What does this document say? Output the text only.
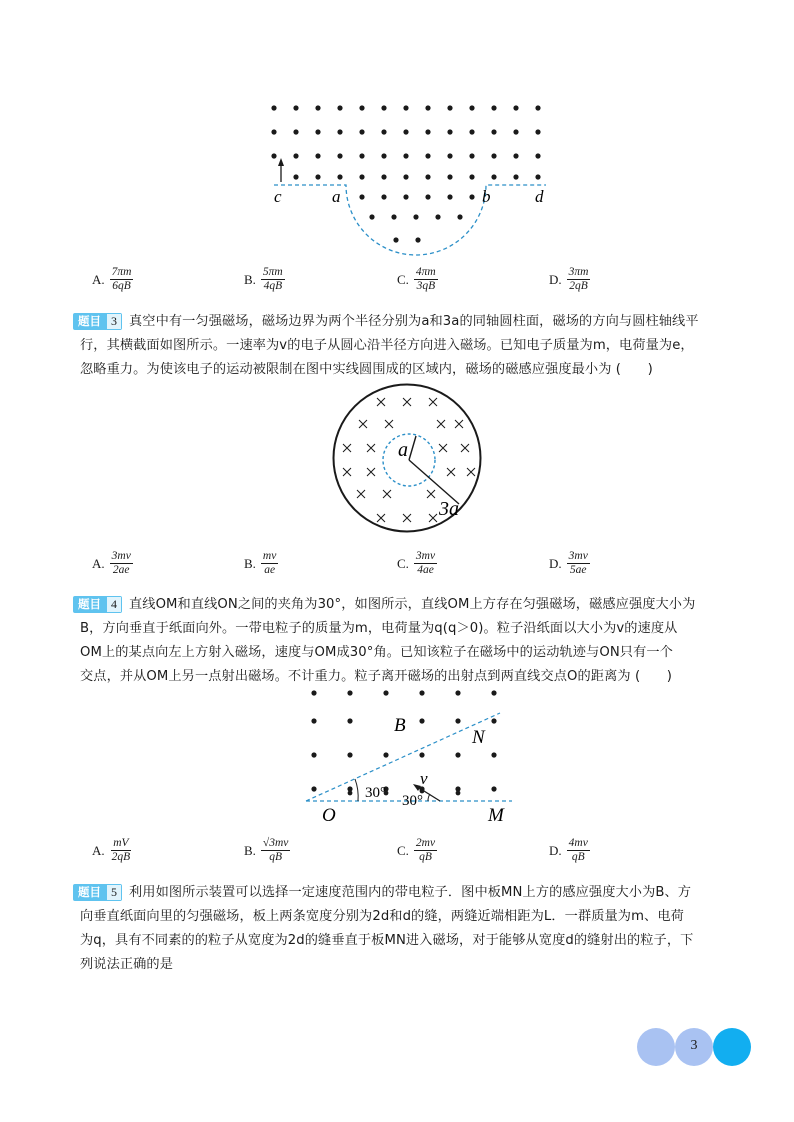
c	a	b	d
A. $\frac{7\pi m}{6qB}$	B. $\frac{5\pi m}{4qB}$	C. $\frac{4\pi m}{3qB}$	D. $\frac{3\pi m}{2qB}$
题目 3 真空中有一匀强磁场，磁场边界为两个半径分别为a和3a的同轴圆柱面，磁场的方向与圆柱轴线平
行，其横截面如图所示。一速率为v的电子从圆心沿半径方向进入磁场。已知电子质量为m，电荷量为e，
忽略重力。为使该电子的运动被限制在图中实线圆围成的区域内，磁场的磁感应强度最小为 (　　)
a
3a
A. $\frac{3mv}{2ae}$	B. $\frac{mv}{ae}$	C. $\frac{3mv}{4ae}$	D. $\frac{3mv}{5ae}$
题目 4 直线OM和直线ON之间的夹角为30°，如图所示，直线OM上方存在匀强磁场，磁感应强度大小为
B，方向垂直于纸面向外。一带电粒子的质量为m，电荷量为q(q＞0)。粒子沿纸面以大小为v的速度从
OM上的某点向左上方射入磁场，速度与OM成30°角。已知该粒子在磁场中的运动轨迹与ON只有一个
交点，并从OM上另一点射出磁场。不计重力。粒子离开磁场的出射点到两直线交点O的距离为 (　　)
B
N
v
30° 30°
O	M
A. $\frac{mV}{2qB}$	B. $\frac{√3mv}{qB}$	C. $\frac{2mv}{qB}$	D. $\frac{4mv}{qB}$
题目 5 利用如图所示装置可以选择一定速度范围内的带电粒子．图中板MN上方的感应强度大小为B、方
向垂直纸面向里的匀强磁场，板上两条宽度分别为2d和d的缝，两缝近端相距为L．一群质量为m、电荷
为q，具有不同素的的粒子从宽度为2d的缝垂直于板MN进入磁场，对于能够从宽度d的缝射出的粒子，下
列说法正确的是
3
